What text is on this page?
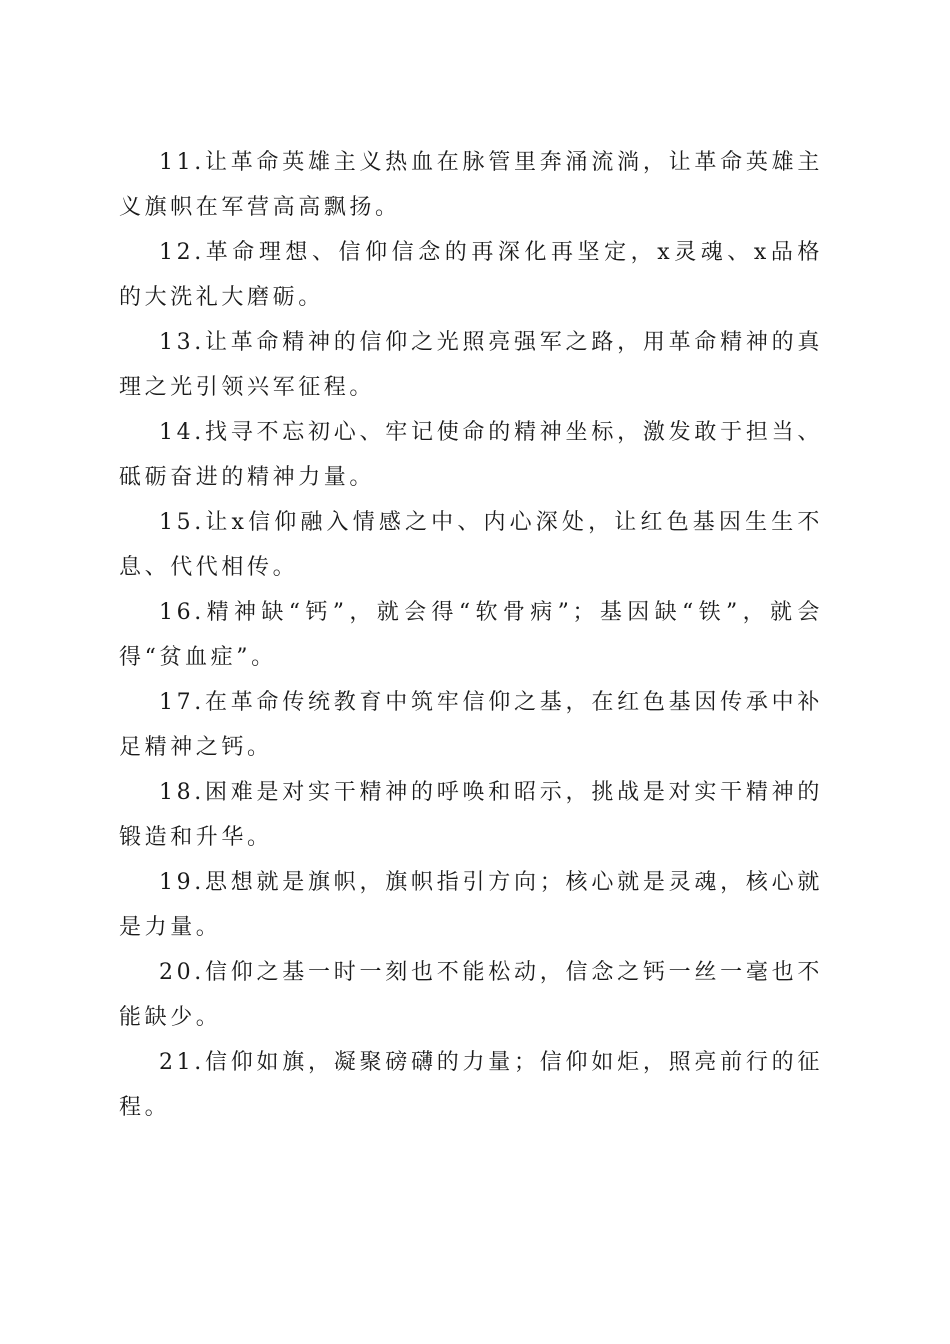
11.让革命英雄主义热血在脉管里奔涌流淌，让革命英雄主义旗帜在军营高高飘扬。

12.革命理想、信仰信念的再深化再坚定，x灵魂、x品格的大洗礼大磨砺。

13.让革命精神的信仰之光照亮强军之路，用革命精神的真理之光引领兴军征程。

14.找寻不忘初心、牢记使命的精神坐标，激发敢于担当、砥砺奋进的精神力量。

15.让x信仰融入情感之中、内心深处，让红色基因生生不息、代代相传。

16.精神缺“钙”，就会得“软骨病”；基因缺“铁”，就会得“贫血症”。

17.在革命传统教育中筑牢信仰之基，在红色基因传承中补足精神之钙。

18.困难是对实干精神的呼唤和昭示，挑战是对实干精神的锻造和升华。

19.思想就是旗帜，旗帜指引方向；核心就是灵魂，核心就是力量。

20.信仰之基一时一刻也不能松动，信念之钙一丝一毫也不能缺少。

21.信仰如旗，凝聚磅礴的力量；信仰如炬，照亮前行的征程。
